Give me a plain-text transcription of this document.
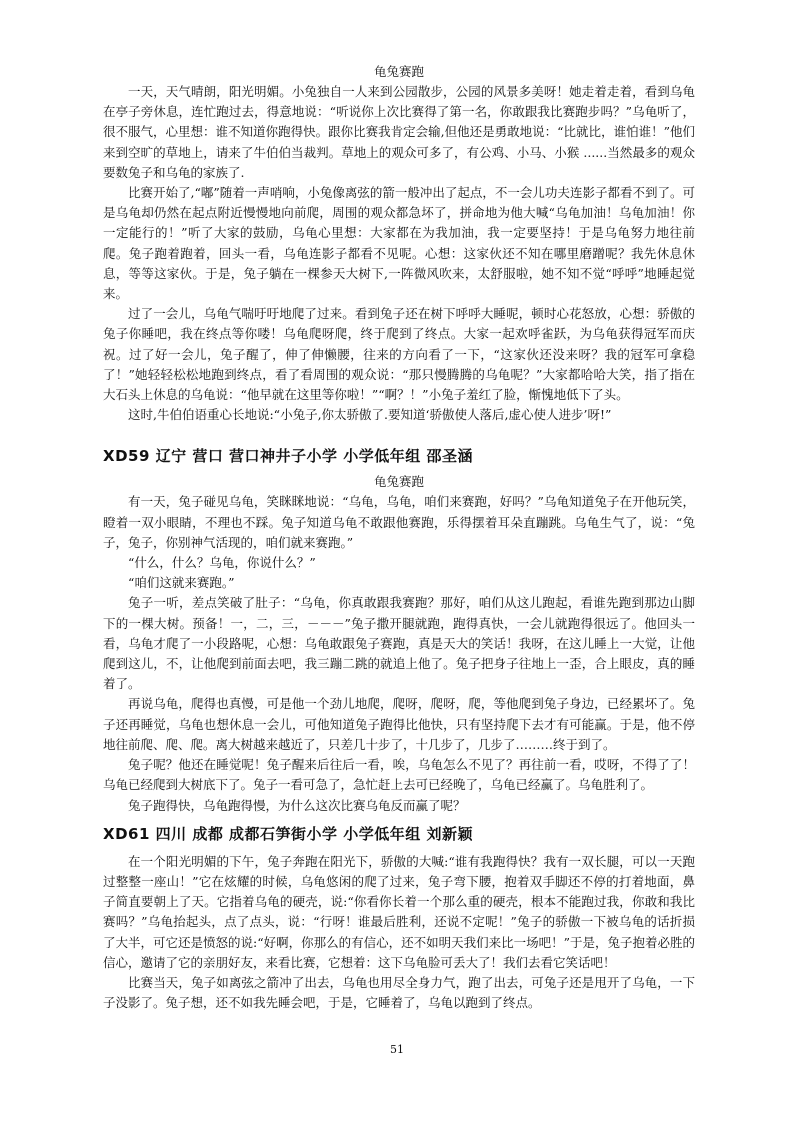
龟兔赛跑

一天，天气晴朗，阳光明媚。小兔独自一人来到公园散步，公园的风景多美呀！她走着走着，看到乌龟在亭子旁休息，连忙跑过去，得意地说：“听说你上次比赛得了第一名，你敢跟我比赛跑步吗？”乌龟听了，很不服气，心里想：谁不知道你跑得快。跟你比赛我肯定会输,但他还是勇敢地说：“比就比，谁怕谁！”他们来到空旷的草地上，请来了牛伯伯当裁判。草地上的观众可多了，有公鸡、小马、小猴 ......当然最多的观众要数兔子和乌龟的家族了.

比赛开始了,“嘟”随着一声哨响，小兔像离弦的箭一般冲出了起点，不一会儿功夫连影子都看不到了。可是乌龟却仍然在起点附近慢慢地向前爬，周围的观众都急坏了，拼命地为他大喊“乌龟加油！乌龟加油！你一定能行的！”听了大家的鼓励，乌龟心里想：大家都在为我加油，我一定要坚持！于是乌龟努力地往前爬。兔子跑着跑着，回头一看，乌龟连影子都看不见呢。心想：这家伙还不知在哪里磨蹭呢？我先休息休息，等等这家伙。于是，兔子躺在一棵参天大树下,一阵微风吹来，太舒服啦，她不知不觉“呼呼”地睡起觉来。

过了一会儿，乌龟气喘吁吁地爬了过来。看到兔子还在树下呼呼大睡呢，顿时心花怒放，心想：骄傲的兔子你睡吧，我在终点等你喽！乌龟爬呀爬，终于爬到了终点。大家一起欢呼雀跃，为乌龟获得冠军而庆祝。过了好一会儿，兔子醒了，伸了伸懒腰，往来的方向看了一下，“这家伙还没来呀？我的冠军可拿稳了！”她轻轻松松地跑到终点，看了看周围的观众说：“那只慢腾腾的乌龟呢？”大家都哈哈大笑，指了指在大石头上休息的乌龟说：“他早就在这里等你啦！”“啊？！”小兔子羞红了脸，惭愧地低下了头。

这时,牛伯伯语重心长地说:“小兔子,你太骄傲了.要知道‘骄傲使人落后,虚心使人进步’呀!”

XD59 辽宁 营口 营口神井子小学 小学低年组 邵圣涵

龟兔赛跑

有一天，兔子碰见乌龟，笑眯眯地说：“乌龟，乌龟，咱们来赛跑，好吗？”乌龟知道兔子在开他玩笑，瞪着一双小眼睛，不理也不踩。兔子知道乌龟不敢跟他赛跑，乐得摆着耳朵直蹦跳。乌龟生气了，说：“兔子，兔子，你别神气活现的，咱们就来赛跑。”

“什么，什么？乌龟，你说什么？”

“咱们这就来赛跑。”

兔子一听，差点笑破了肚子：“乌龟，你真敢跟我赛跑？那好，咱们从这儿跑起，看谁先跑到那边山脚下的一棵大树。预备！一，二，三，－－－”兔子撒开腿就跑，跑得真快，一会儿就跑得很远了。他回头一看，乌龟才爬了一小段路呢，心想：乌龟敢跟兔子赛跑，真是天大的笑话！我呀，在这儿睡上一大觉，让他爬到这儿，不，让他爬到前面去吧，我三蹦二跳的就追上他了。兔子把身子往地上一歪，合上眼皮，真的睡着了。

再说乌龟，爬得也真慢，可是他一个劲儿地爬，爬呀，爬呀，爬，等他爬到兔子身边，已经累坏了。兔子还再睡觉，乌龟也想休息一会儿，可他知道兔子跑得比他快，只有坚持爬下去才有可能赢。于是，他不停地往前爬、爬、爬。离大树越来越近了，只差几十步了，十几步了，几步了………终于到了。

兔子呢？他还在睡觉呢！兔子醒来后往后一看，唉，乌龟怎么不见了？再往前一看，哎呀，不得了了！乌龟已经爬到大树底下了。兔子一看可急了，急忙赶上去可已经晚了，乌龟已经赢了。乌龟胜利了。

兔子跑得快，乌龟跑得慢，为什么这次比赛乌龟反而赢了呢？

XD61 四川 成都 成都石笋街小学 小学低年组 刘新颖

在一个阳光明媚的下午，兔子奔跑在阳光下，骄傲的大喊:“谁有我跑得快？我有一双长腿，可以一天跑过整整一座山！”它在炫耀的时候，乌龟悠闲的爬了过来，兔子弯下腰，抱着双手脚还不停的打着地面，鼻子简直要朝上了天。它指着乌龟的硬壳，说:“你看你长着一个那么重的硬壳，根本不能跑过我，你敢和我比赛吗？”乌龟抬起头，点了点头，说：“行呀！谁最后胜利，还说不定呢！”兔子的骄傲一下被乌龟的话折损了大半，可它还是愤怒的说:“好啊，你那么的有信心，还不如明天我们来比一场吧！”于是，兔子抱着必胜的信心，邀请了它的亲朋好友，来看比赛，它想着：这下乌龟脸可丢大了！我们去看它笑话吧！

比赛当天，兔子如离弦之箭冲了出去，乌龟也用尽全身力气，跑了出去，可兔子还是甩开了乌龟，一下子没影了。兔子想，还不如我先睡会吧，于是，它睡着了，乌龟以跑到了终点。

51
